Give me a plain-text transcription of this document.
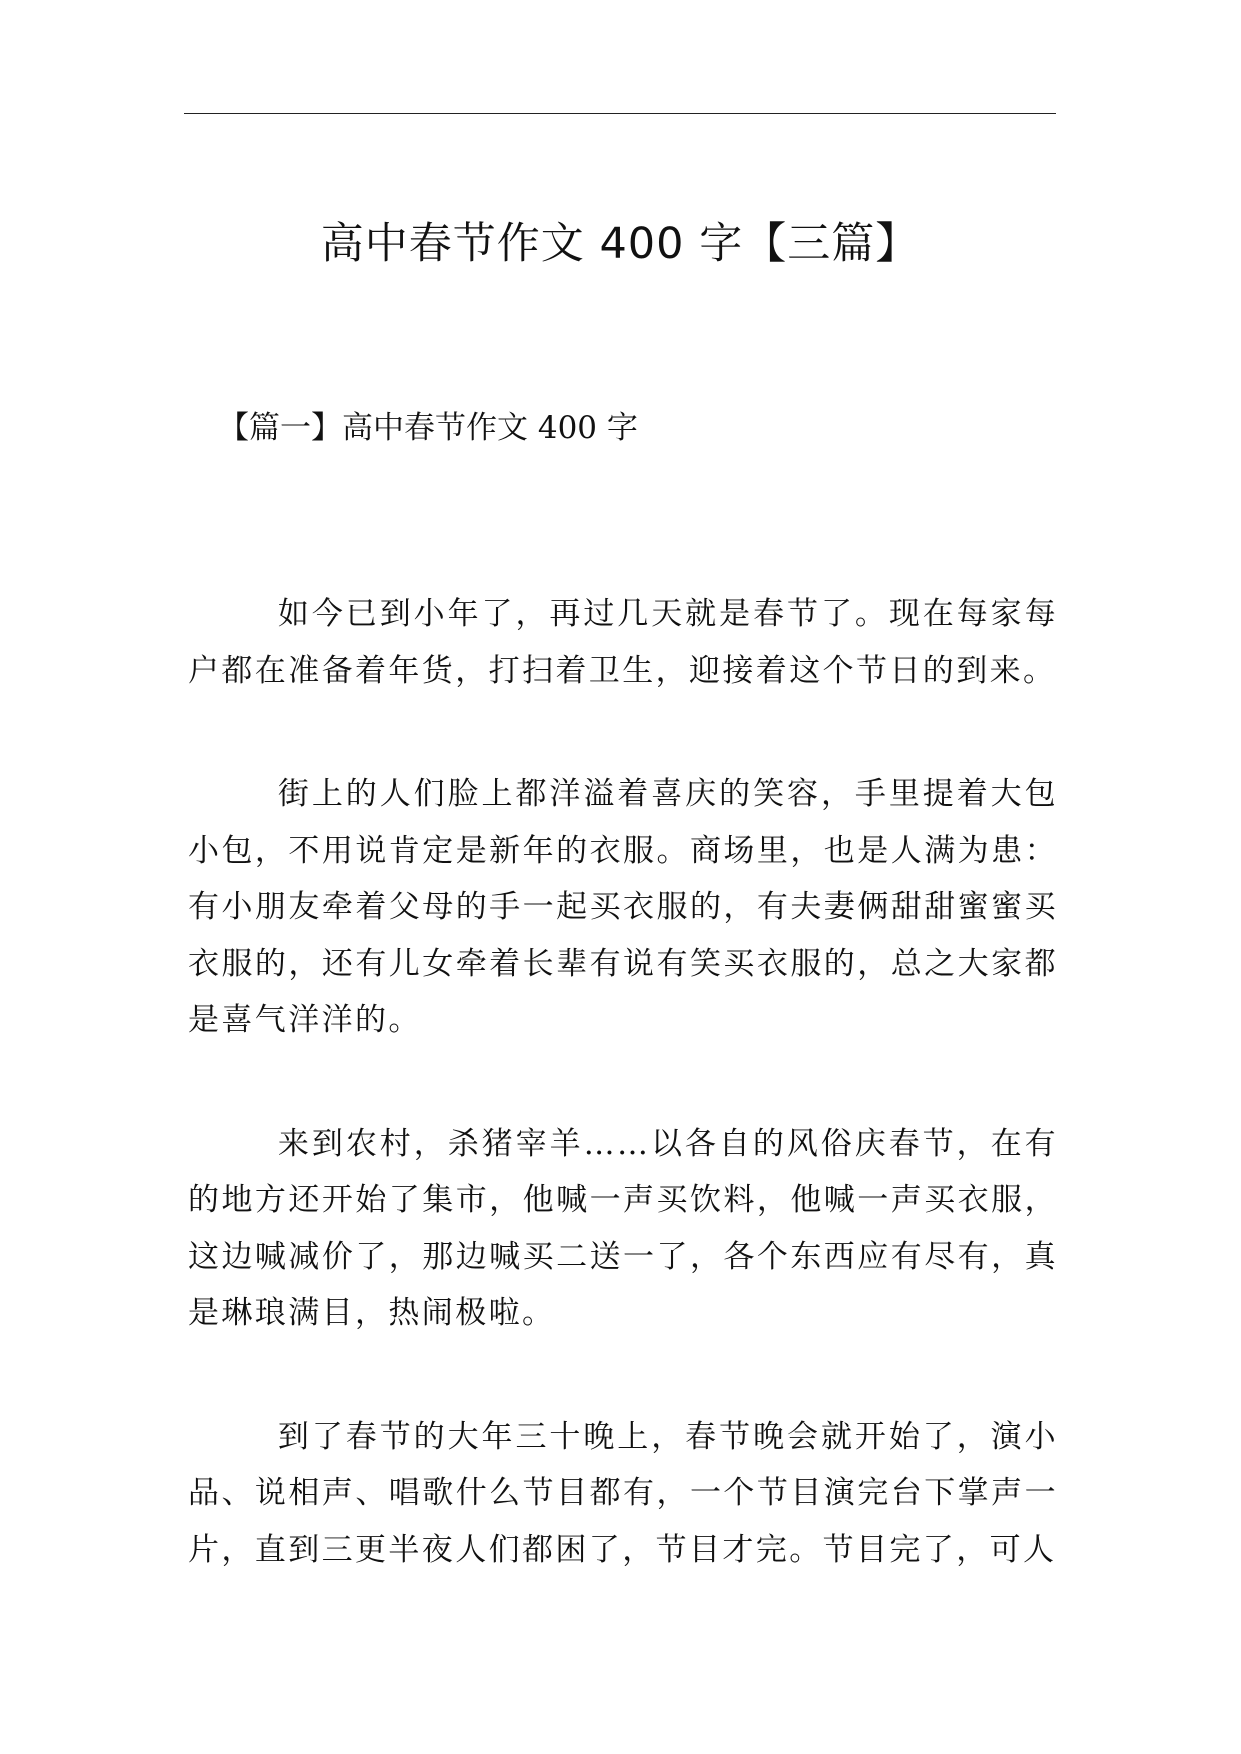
高中春节作文 400 字【三篇】
【篇一】高中春节作文 400 字

如今已到小年了，再过几天就是春节了。现在每家每户都在准备着年货，打扫着卫生，迎接着这个节日的到来。

街上的人们脸上都洋溢着喜庆的笑容，手里提着大包小包，不用说肯定是新年的衣服。商场里，也是人满为患：有小朋友牵着父母的手一起买衣服的，有夫妻俩甜甜蜜蜜买衣服的，还有儿女牵着长辈有说有笑买衣服的，总之大家都是喜气洋洋的。

来到农村，杀猪宰羊……以各自的风俗庆春节，在有的地方还开始了集市，他喊一声买饮料，他喊一声买衣服，这边喊减价了，那边喊买二送一了，各个东西应有尽有，真是琳琅满目，热闹极啦。

到了春节的大年三十晚上，春节晚会就开始了，演小品、说相声、唱歌什么节目都有，一个节目演完台下掌声一片，直到三更半夜人们都困了，节目才完。节目完了，可人
